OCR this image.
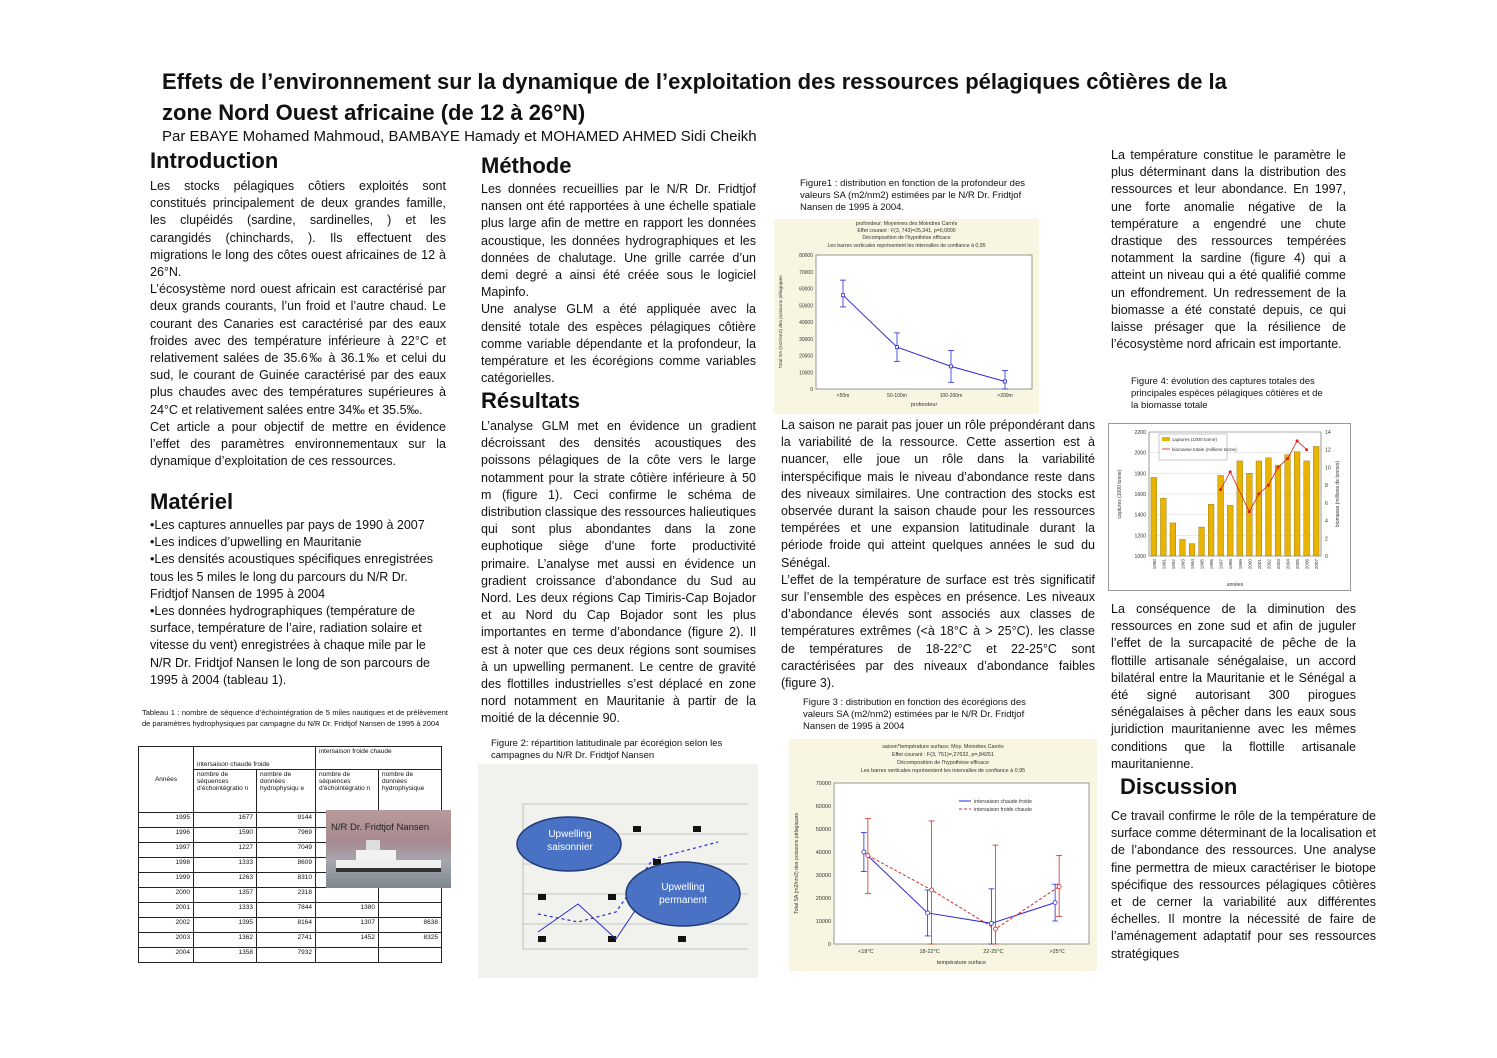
Effets de l’environnement sur la dynamique de l’exploitation des ressources pélagiques côtières de la zone Nord Ouest africaine (de 12 à 26°N)
Par EBAYE Mohamed Mahmoud, BAMBAYE Hamady et MOHAMED AHMED Sidi Cheikh
Introduction

Les stocks pélagiques côtiers exploités sont constitués principalement de deux grandes famille, les clupéidés (sardine, sardinelles, ) et les carangidés (chinchards, ). Ils effectuent des migrations le long des côtes ouest africaines de 12 à 26°N.

L’écosystème nord ouest africain est caractérisé par deux grands courants, l’un froid et l’autre chaud. Le courant des Canaries est caractérisé par des eaux froides avec des température inférieure à 22°C et relativement salées de 35.6‰ à 36.1‰ et celui du sud, le courant de Guinée caractérisé par des eaux plus chaudes avec des températures supérieures à 24°C et relativement salées entre 34‰ et 35.5‰.

Cet article a pour objectif de mettre en évidence l’effet des paramètres environnementaux sur la dynamique d’exploitation de ces ressources.

Matériel

•Les captures annuelles par pays de 1990 à 2007

•Les indices d’upwelling en Mauritanie

•Les densités acoustiques spécifiques enregistrées tous les 5 miles le long du parcours du N/R Dr. Fridtjof Nansen de 1995 à 2004

•Les données hydrographiques (température de surface, température de l’aire, radiation solaire et vitesse du vent) enregistrées à chaque mile par le N/R Dr. Fridtjof Nansen le long de son parcours de 1995 à 2004 (tableau 1).

Tableau 1 : nombre de séquence d’échointégration de 5 miles nautiques et de prélèvement de paramètres hydrophysiques par campagne du N/R Dr. Fridtjof Nansen de 1995 à 2004
Années	intersaison chaude froide		intersaison froide chaude	
	nombre de séquences d'échointégratio n	nombre de données hydrophysiqu e	nombre de séquences d'échointégratio n	nombre de données hydrophysique
1995	1677	9144		
1996	1590	7969		
1997	1227	7049		
1998	1333	8609		
1999	1263	8310		
2000	1357	2318		
2001	1333	7844	1380	
2002	1395	8164	1307	8638
2003	1362	2741	1452	8325
2004	1358	7932		
N/R Dr. Fridtjof Nansen
Méthode

Les données recueillies par le N/R Dr. Fridtjof nansen ont été rapportées à une échelle spatiale plus large afin de mettre en rapport les données acoustique, les données hydrographiques et les données de chalutage. Une grille carrée d’un demi degré a ainsi été créée sous le logiciel Mapinfo.

Une analyse GLM a été appliquée avec la densité totale des espèces pélagiques côtière comme variable dépendante et la profondeur, la température et les écorégions comme variables catégorielles.

Résultats

L’analyse GLM met en évidence un gradient décroissant des densités acoustiques des poissons pélagiques de la côte vers le large notamment pour la strate côtière inférieure à 50 m (figure 1). Ceci confirme le schéma de distribution classique des ressources halieutiques qui sont plus abondantes dans la zone euphotique siège d’une forte productivité primaire. L’analyse met aussi en évidence un gradient croissance d’abondance du Sud au Nord. Les deux régions Cap Timiris-Cap Bojador et au Nord du Cap Bojador sont les plus importantes en terme d’abondance (figure 2). Il est à noter que ces deux régions sont soumises à un upwelling permanent. Le centre de gravité des flottilles industrielles s’est déplacé en zone nord notamment en Mauritanie à partir de la moitié de la décennie 90.

Figure 2: répartition latitudinale par écorégion selon les campagnes du N/R Dr. Fridtjof Nansen
Upwelling saisonnier
Upwelling permanent
Figure1 : distribution en fonction de la profondeur des valeurs SA (m2/nm2) estimées par le N/R Dr. Fridtjof Nansen de 1995 à 2004.
profondeur; Moyennes des Moindres Carrés
Effet courant : F(3, 743)=25,341, p=0,0000
Décomposition de l'hypothèse efficace
Les barres verticales représentent les intervalles de confiance à 0,95
0
10000
20000
30000
40000
50000
60000
70000
80000
<50m	50-100m	100-200m	>200m
profondeur
Total SA (m2/nm2) des poissons pélagiques

La saison ne parait pas jouer un rôle prépondérant dans la variabilité de la ressource. Cette assertion est à nuancer, elle joue un rôle dans la variabilité interspécifique mais le niveau d’abondance reste dans des niveaux similaires. Une contraction des stocks est observée durant la saison chaude pour les ressources tempérées et une expansion latitudinale durant la période froide qui atteint quelques années le sud du Sénégal.

L’effet de la température de surface est très significatif sur l’ensemble des espèces en présence. Les niveaux d’abondance élevés sont associés aux classes de températures extrêmes (<à 18°C à > 25°C). les classe de températures de 18-22°C et 22-25°C sont caractérisées par des niveaux d’abondance faibles (figure 3).

Figure 3 : distribution en fonction des écorégions des valeurs SA (m2/nm2) estimées par le N/R Dr. Fridtjof Nansen de 1995 à 2004
saison*température surface; Moy. Moindres Carrés
Effet courant : F(3, 751)=,27632, p=,84251
Décomposition de l'hypothèse efficace
Les barres verticales représentent les intervalles de confiance à 0,95
0
10000
20000
30000
40000
50000
60000
70000
<18°C	18-22°C	22-25°C	>25°C
température surface
Total SA (m2/nm2) des poissons pélagiques
intersaison chaude froide
intersaison froide chaude

La température constitue le paramètre le plus déterminant dans la distribution des ressources et leur abondance. En 1997, une forte anomalie négative de la température a engendré une chute drastique des ressources tempérées notamment la sardine (figure 4) qui a atteint un niveau qui a été qualifié comme un effondrement. Un redressement de la biomasse a été constaté depuis, ce qui laisse présager que la résilience de l’écosystème nord africain est importante.

Figure 4: évolution des captures totales des principales espèces pélagiques côtières et de la biomasse totale
1000
1200
1400
1600
1800
2000
2200
0
2
4
6
8
10
12
14
1990 1991 1992 1993 1994 1995 1996 1997 1998 1999 2000 2001 2002 2003 2004 2005 2006 2007
années
captures (1000 tonne)	biomasse (millions de tonnes)
captures (1000 tonne)
biomasse totale (millions tonne)

La conséquence de la diminution des ressources en zone sud et afin de juguler l’effet de la surcapacité de pêche de la flottille artisanale sénégalaise, un accord bilatéral entre la Mauritanie et le Sénégal a été signé autorisant 300 pirogues sénégalaises à pêcher dans les eaux sous juridiction mauritanienne avec les mêmes conditions que la flottille artisanale mauritanienne.

Discussion

Ce travail confirme le rôle de la température de surface comme déterminant de la localisation et de l’abondance des ressources. Une analyse fine permettra de mieux caractériser le biotope spécifique des ressources pélagiques côtières et de cerner la variabilité aux différentes échelles. Il montre la nécessité de faire de l’aménagement adaptatif pour ses ressources stratégiques
